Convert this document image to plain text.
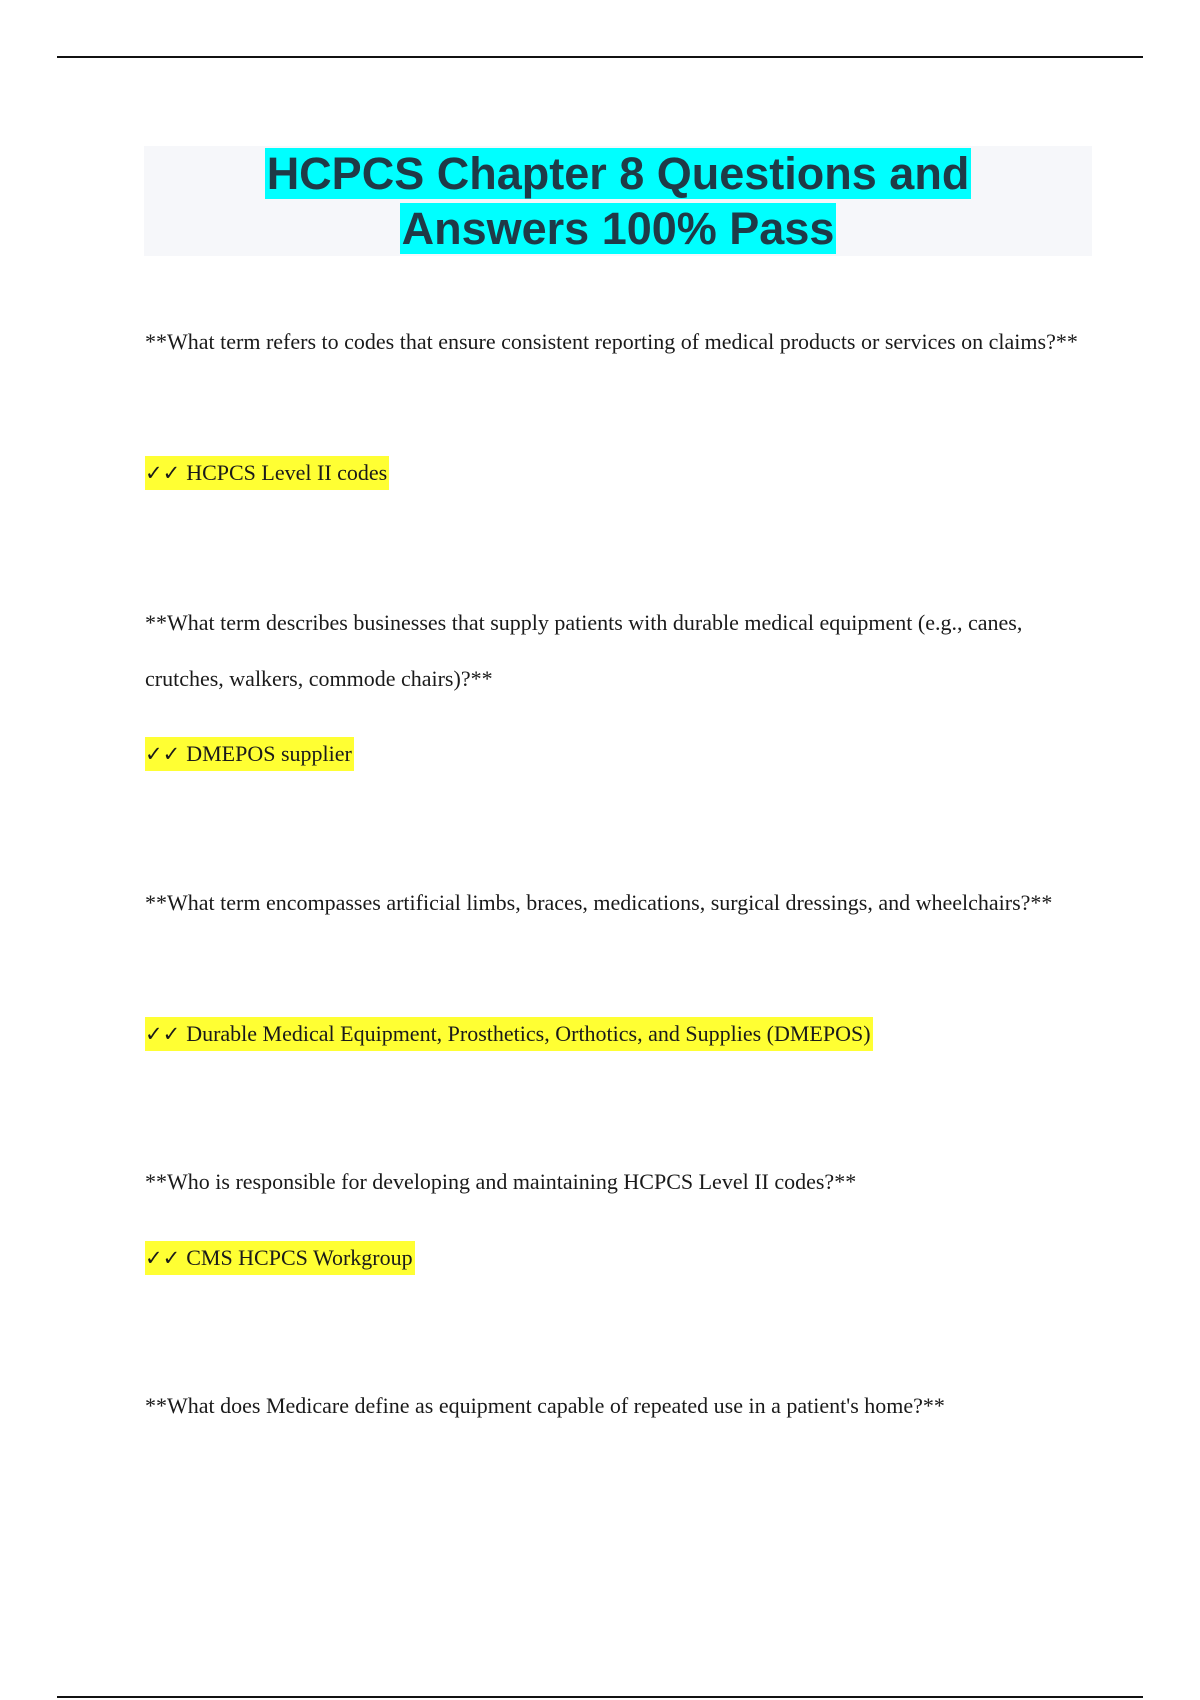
HCPCS Chapter 8 Questions and
Answers 100% Pass

**What term refers to codes that ensure consistent reporting of medical products or services on claims?**

✓✓ HCPCS Level II codes

**What term describes businesses that supply patients with durable medical equipment (e.g., canes, crutches, walkers, commode chairs)?**

✓✓ DMEPOS supplier

**What term encompasses artificial limbs, braces, medications, surgical dressings, and wheelchairs?**

✓✓ Durable Medical Equipment, Prosthetics, Orthotics, and Supplies (DMEPOS)

**Who is responsible for developing and maintaining HCPCS Level II codes?**

✓✓ CMS HCPCS Workgroup

**What does Medicare define as equipment capable of repeated use in a patient's home?**
